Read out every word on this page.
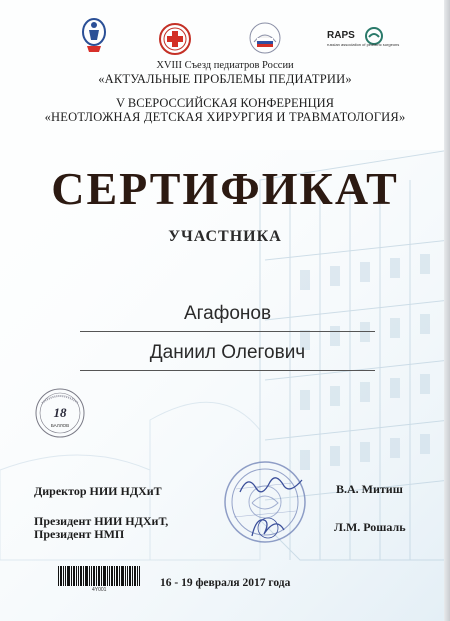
RAPS
russian association of pediatric surgeons
XVIII Съезд педиатров России
«АКТУАЛЬНЫЕ ПРОБЛЕМЫ ПЕДИАТРИИ»
V ВСЕРОССИЙСКАЯ КОНФЕРЕНЦИЯ
«НЕОТЛОЖНАЯ ДЕТСКАЯ ХИРУРГИЯ И ТРАВМАТОЛОГИЯ»
СЕРТИФИКАТ
УЧАСТНИКА
Агафонов
Даниил Олегович
18
БАЛЛОВ
Директор НИИ НДХиТ	В.А. Митиш
Президент НИИ НДХиТ,
Президент НМП	Л.М. Рошаль
4Y001
16 - 19 февраля 2017 года
